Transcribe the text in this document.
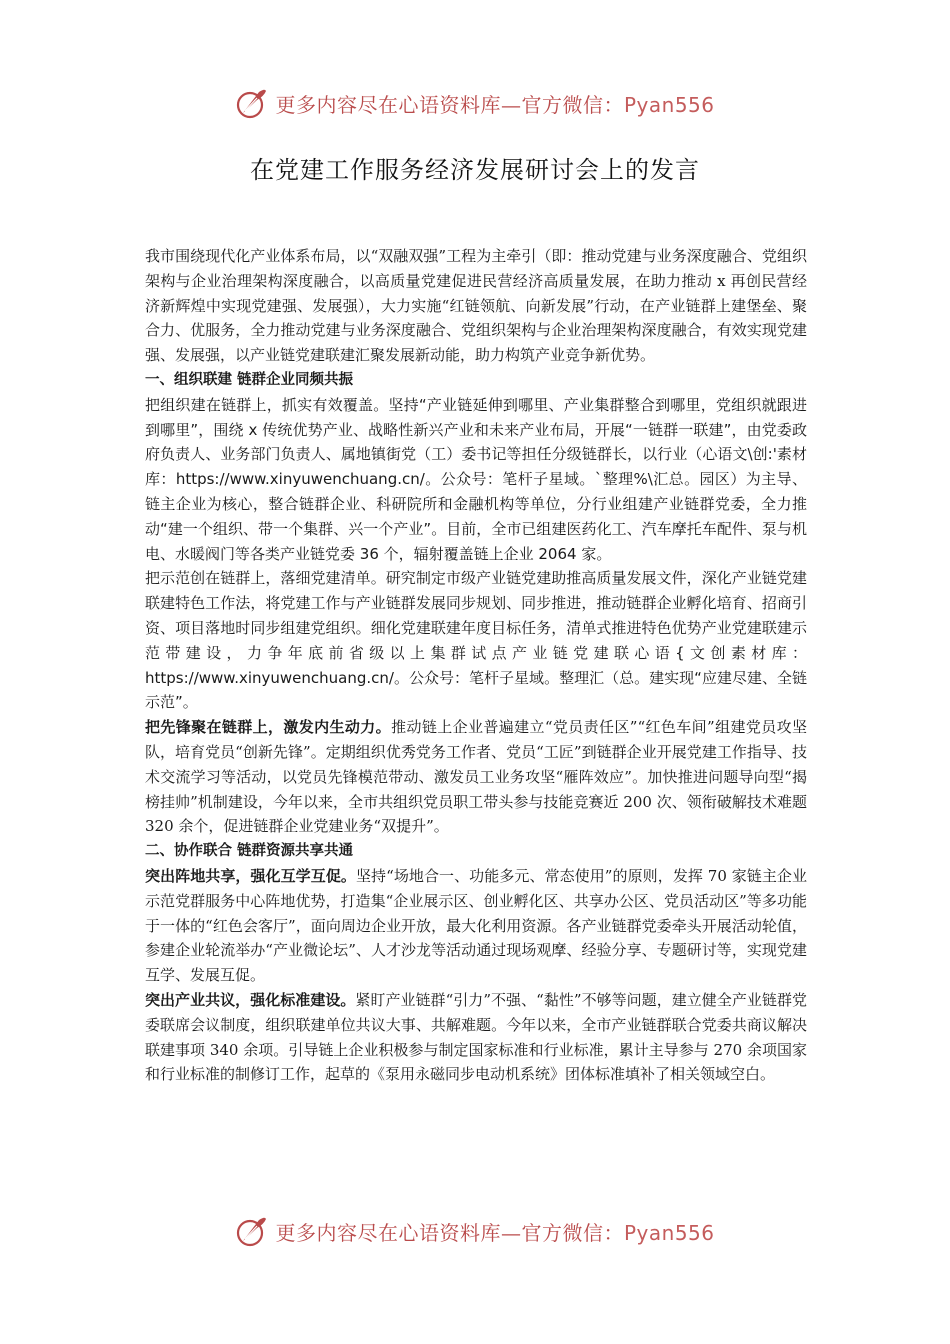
更多内容尽在心语资料库—官方微信：Pyan556
在党建工作服务经济发展研讨会上的发言

我市围绕现代化产业体系布局，以“双融双强”工程为主牵引（即：推动党建与业务深度融合、党组织架构与企业治理架构深度融合，以高质量党建促进民营经济高质量发展，在助力推动 x 再创民营经济新辉煌中实现党建强、发展强），大力实施“红链领航、向新发展”行动，在产业链群上建堡垒、聚合力、优服务，全力推动党建与业务深度融合、党组织架构与企业治理架构深度融合，有效实现党建强、发展强，以产业链党建联建汇聚发展新动能，助力构筑产业竞争新优势。

一、组织联建 链群企业同频共振

把组织建在链群上，抓实有效覆盖。坚持“产业链延伸到哪里、产业集群整合到哪里，党组织就跟进到哪里”，围绕 x 传统优势产业、战略性新兴产业和未来产业布局，开展“一链群一联建”，由党委政府负责人、业务部门负责人、属地镇街党（工）委书记等担任分级链群长，以行业（心语文\创:'素材库：https://www.xinyuwenchuang.cn/。公众号：笔杆子星域。`整理%\汇总。园区）为主导、链主企业为核心，整合链群企业、科研院所和金融机构等单位，分行业组建产业链群党委，全力推动“建一个组织、带一个集群、兴一个产业”。目前，全市已组建医药化工、汽车摩托车配件、泵与机电、水暖阀门等各类产业链党委 36 个，辐射覆盖链上企业 2064 家。

把示范创在链群上，落细党建清单。研究制定市级产业链党建助推高质量发展文件，深化产业链党建联建特色工作法，将党建工作与产业链群发展同步规划、同步推进，推动链群企业孵化培育、招商引资、项目落地时同步组建党组织。细化党建联建年度目标任务，清单式推进特色优势产业党建联建示范带建设，力争年底前省级以上集群试点产业链党建联心语{文创素材库：https://www.xinyuwenchuang.cn/。公众号：笔杆子星域。整理汇（总。建实现“应建尽建、全链示范”。

把先锋聚在链群上，激发内生动力。推动链上企业普遍建立“党员责任区”“红色车间”组建党员攻坚队，培育党员“创新先锋”。定期组织优秀党务工作者、党员“工匠”到链群企业开展党建工作指导、技术交流学习等活动，以党员先锋模范带动、激发员工业务攻坚“雁阵效应”。加快推进问题导向型“揭榜挂帅”机制建设，今年以来，全市共组织党员职工带头参与技能竞赛近 200 次、领衔破解技术难题 320 余个，促进链群企业党建业务“双提升”。

二、协作联合 链群资源共享共通

突出阵地共享，强化互学互促。坚持“场地合一、功能多元、常态使用”的原则，发挥 70 家链主企业示范党群服务中心阵地优势，打造集“企业展示区、创业孵化区、共享办公区、党员活动区”等多功能于一体的“红色会客厅”，面向周边企业开放，最大化利用资源。各产业链群党委牵头开展活动轮值，参建企业轮流举办“产业微论坛”、人才沙龙等活动通过现场观摩、经验分享、专题研讨等，实现党建互学、发展互促。

突出产业共议，强化标准建设。紧盯产业链群“引力”不强、“黏性”不够等问题，建立健全产业链群党委联席会议制度，组织联建单位共议大事、共解难题。今年以来，全市产业链群联合党委共商议解决联建事项 340 余项。引导链上企业积极参与制定国家标准和行业标准，累计主导参与 270 余项国家和行业标准的制修订工作，起草的《泵用永磁同步电动机系统》团体标准填补了相关领域空白。

更多内容尽在心语资料库—官方微信：Pyan556
